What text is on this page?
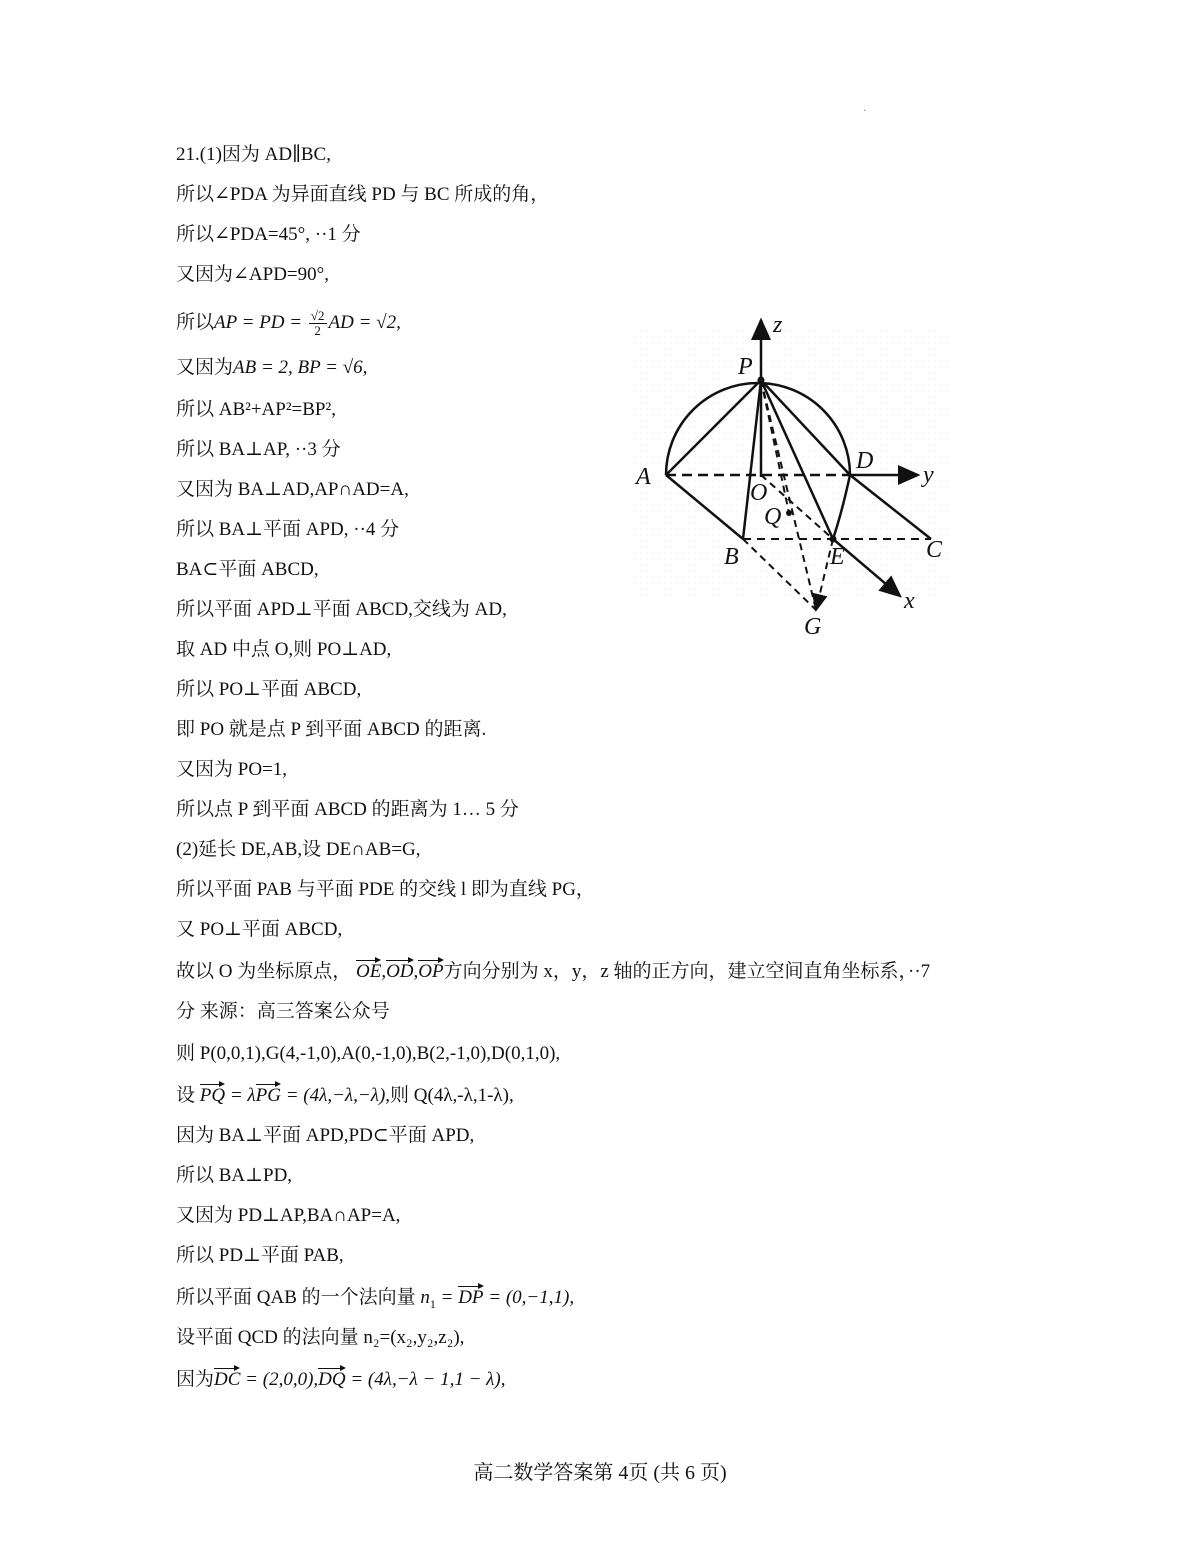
·
21.(1)因为 AD∥BC,
所以∠PDA 为异面直线 PD 与 BC 所成的角，
所以∠PDA=45°, ··1 分
又因为∠APD=90°,
所以AP = PD = $\frac{√2}{2}$ AD = √2,
又因为AB = 2, BP = √6,
所以 AB²+AP²=BP²,
所以 BA⊥AP, ··3 分
又因为 BA⊥AD,AP∩AD=A,
所以 BA⊥平面 APD, ··4 分
BA⊂平面 ABCD,
所以平面 APD⊥平面 ABCD,交线为 AD,
取 AD 中点 O,则 PO⊥AD,
所以 PO⊥平面 ABCD,
即 PO 就是点 P 到平面 ABCD 的距离.
又因为 PO=1,
所以点 P 到平面 ABCD 的距离为 1… 5 分
(2)延长 DE,AB,设 DE∩AB=G,
所以平面 PAB 与平面 PDE 的交线 l 即为直线 PG，
又 PO⊥平面 ABCD,
故以 O 为坐标原点， OE,OD,OP方向分别为 x，y，z 轴的正方向，建立空间直角坐标系，··7
分 来源：高三答案公众号
则 P(0,0,1),G(4,-1,0),A(0,-1,0),B(2,-1,0),D(0,1,0),
设 PQ = λPG = (4λ,−λ,−λ),则 Q(4λ,-λ,1-λ),
因为 BA⊥平面 APD,PD⊂平面 APD,
所以 BA⊥PD,
又因为 PD⊥AP,BA∩AP=A,
所以 PD⊥平面 PAB,
所以平面 QAB 的一个法向量 $n_1$ = DP = (0,−1,1),
设平面 QCD 的法向量 n₂=(x₂,y₂,z₂),
因为DC = (2,0,0),DQ = (4λ,−λ − 1,1 − λ),
z
P
A
D
y
O
Q
B	E	C
G
x
高二数学答案第 4页 (共 6 页)
